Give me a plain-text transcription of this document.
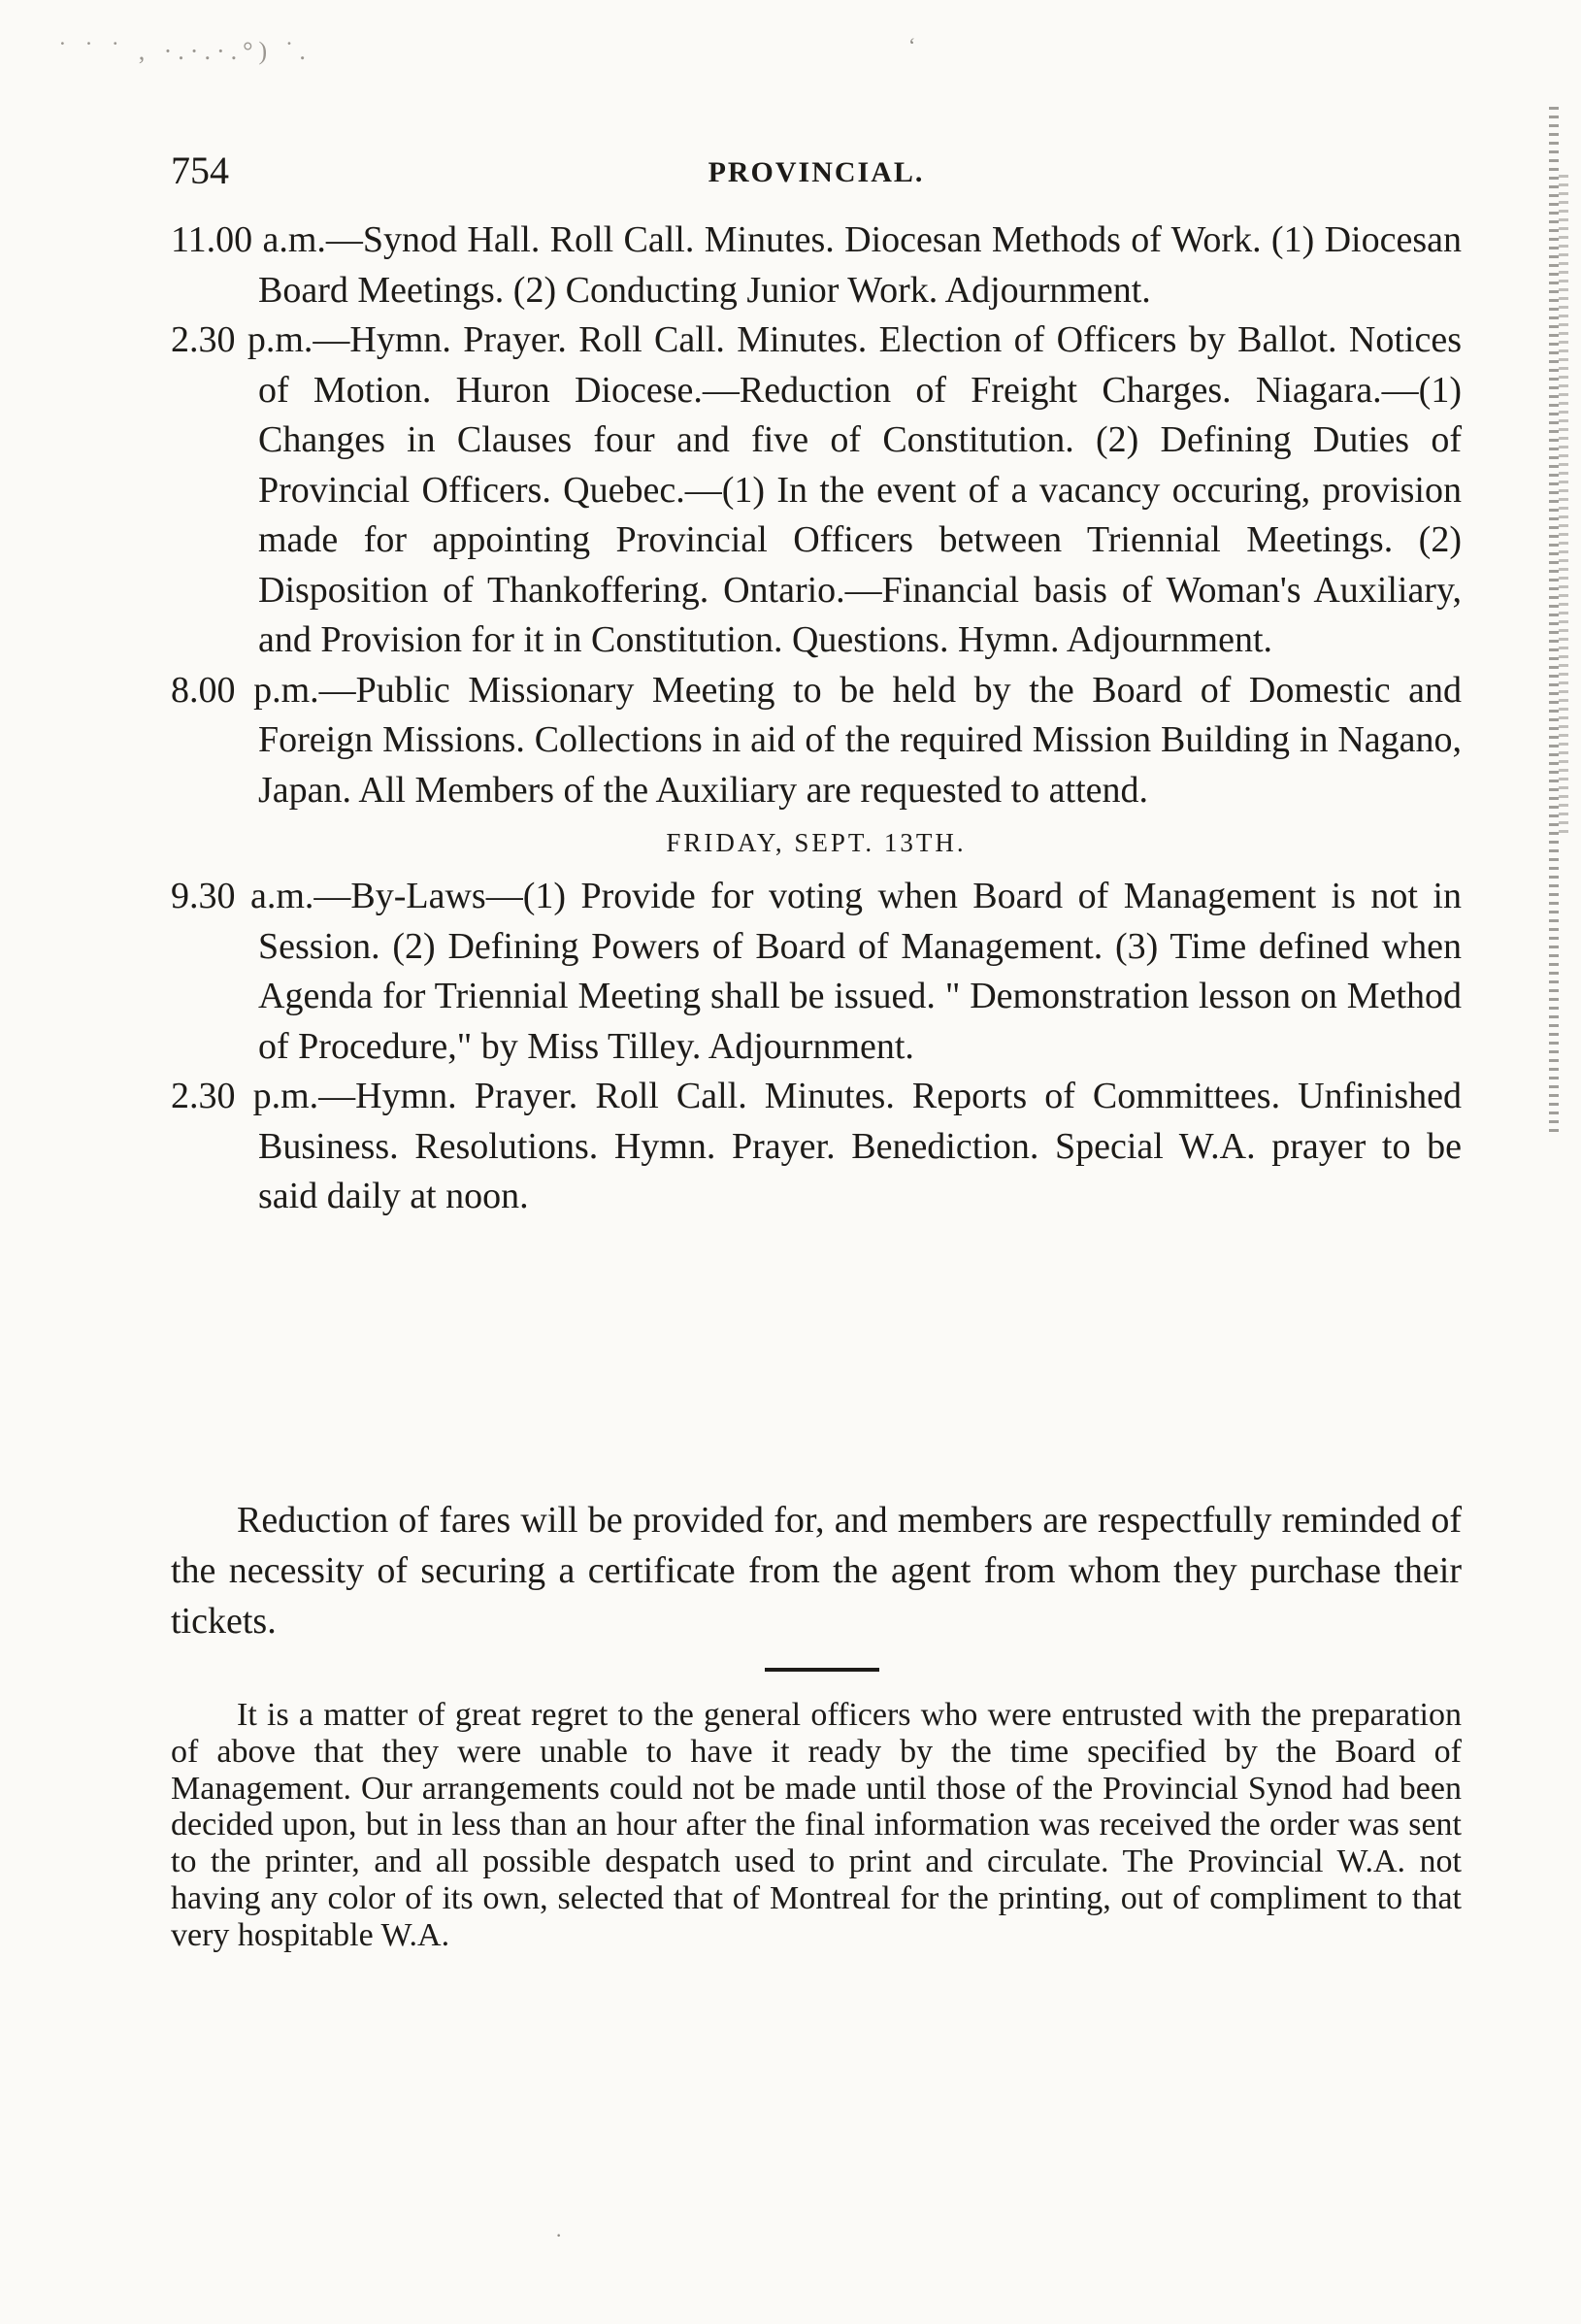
˙ ˙ ˙ ‚ ·.·.·.°) ˙.	‘
·
754	PROVINCIAL.

11.00 a.m.—Synod Hall. Roll Call. Minutes. Diocesan Methods of Work. (1) Diocesan Board Meetings. (2) Conducting Junior Work. Adjournment.

2.30 p.m.—Hymn. Prayer. Roll Call. Minutes. Election of Officers by Ballot. Notices of Motion. Huron Diocese.—Reduction of Freight Charges. Niagara.—(1) Changes in Clauses four and five of Constitution. (2) Defining Duties of Provincial Officers. Quebec.—(1) In the event of a vacancy occuring, provision made for appointing Provincial Officers between Triennial Meetings. (2) Disposition of Thankoffering. Ontario.—Financial basis of Woman's Auxiliary, and Provision for it in Constitution. Questions. Hymn. Adjournment.

8.00 p.m.—Public Missionary Meeting to be held by the Board of Domestic and Foreign Missions. Collections in aid of the required Mission Building in Nagano, Japan. All Members of the Auxiliary are requested to attend.

FRIDAY, SEPT. 13TH.

9.30 a.m.—By-Laws—(1) Provide for voting when Board of Management is not in Session. (2) Defining Powers of Board of Management. (3) Time defined when Agenda for Triennial Meeting shall be issued. " Demonstration lesson on Method of Procedure," by Miss Tilley. Adjournment.

2.30 p.m.—Hymn. Prayer. Roll Call. Minutes. Reports of Committees. Unfinished Business. Resolutions. Hymn. Prayer. Benediction. Special W.A. prayer to be said daily at noon.

Reduction of fares will be provided for, and members are respectfully reminded of the necessity of securing a certificate from the agent from whom they purchase their tickets.

It is a matter of great regret to the general officers who were entrusted with the preparation of above that they were unable to have it ready by the time specified by the Board of Management. Our arrangements could not be made until those of the Provincial Synod had been decided upon, but in less than an hour after the final information was received the order was sent to the printer, and all possible despatch used to print and circulate. The Provincial W.A. not having any color of its own, selected that of Montreal for the printing, out of compliment to that very hospitable W.A.
